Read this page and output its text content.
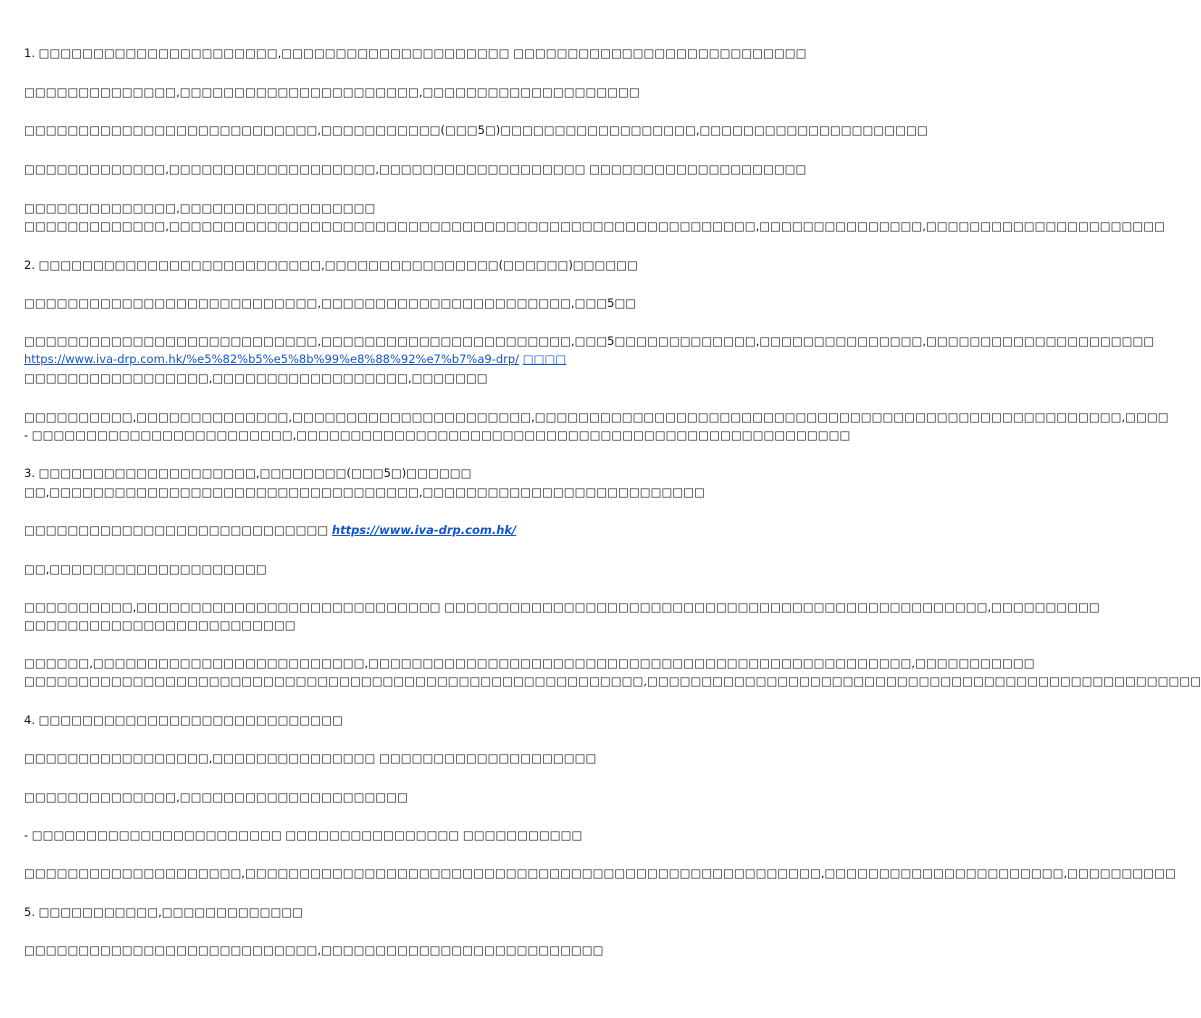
1. □□□□□□□□□□□□□□□□□□□□□□,□□□□□□□□□□□□□□□□□□□□□ □□□□□□□□□□□□□□□□□□□□□□□□□□□
□□□□□□□□□□□□□□,□□□□□□□□□□□□□□□□□□□□□□,□□□□□□□□□□□□□□□□□□□□
□□□□□□□□□□□□□□□□□□□□□□□□□□□,□□□□□□□□□□□(□□□5□)□□□□□□□□□□□□□□□□□□,□□□□□□□□□□□□□□□□□□□□□
□□□□□□□□□□□□□,□□□□□□□□□□□□□□□□□□□,□□□□□□□□□□□□□□□□□□□ □□□□□□□□□□□□□□□□□□□□
□□□□□□□□□□□□□□,□□□□□□□□□□□□□□□□□□
□□□□□□□□□□□□□,□□□□□□□□□□□□□□□□□□□□□□□□□□□□□□□□□□□□□□□□□□□□□□□□□□□□□□,□□□□□□□□□□□□□□□,□□□□□□□□□□□□□□□□□□□□□□
2. □□□□□□□□□□□□□□□□□□□□□□□□□□,□□□□□□□□□□□□□□□□(□□□□□□)□□□□□□
□□□□□□□□□□□□□□□□□□□□□□□□□□□,□□□□□□□□□□□□□□□□□□□□□□□,□□□5□□
□□□□□□□□□□□□□□□□□□□□□□□□□□□,□□□□□□□□□□□□□□□□□□□□□□□,□□□5□□□□□□□□□□□□□,□□□□□□□□□□□□□□□,□□□□□□□□□□□□□□□□□□□□□
https://www.iva-drp.com.hk/%e5%82%b5%e5%8b%99%e8%88%92%e7%b7%a9-drp/ □□□□
□□□□□□□□□□□□□□□□□,□□□□□□□□□□□□□□□□□□,□□□□□□□
□□□□□□□□□□,□□□□□□□□□□□□□□,□□□□□□□□□□□□□□□□□□□□□□,□□□□□□□□□□□□□□□□□□□□□□□□□□□□□□□□□□□□□□□□□□□□□□□□□□□□□□,□□□□
- □□□□□□□□□□□□□□□□□□□□□□□□,□□□□□□□□□□□□□□□□□□□□□□□□□□□□□□□□□□□□□□□□□□□□□□□□□□□
3. □□□□□□□□□□□□□□□□□□□□,□□□□□□□□(□□□5□)□□□□□□
□□,□□□□□□□□□□□□□□□□□□□□□□□□□□□□□□□□□□,□□□□□□□□□□□□□□□□□□□□□□□□□□
□□□□□□□□□□□□□□□□□□□□□□□□□□□□ https://www.iva-drp.com.hk/
□□,□□□□□□□□□□□□□□□□□□□□
□□□□□□□□□□,□□□□□□□□□□□□□□□□□□□□□□□□□□□□ □□□□□□□□□□□□□□□□□□□□□□□□□□□□□□□□□□□□□□□□□□□□□□□□□□,□□□□□□□□□□
□□□□□□□□□□□□□□□□□□□□□□□□□
□□□□□□,□□□□□□□□□□□□□□□□□□□□□□□□□,□□□□□□□□□□□□□□□□□□□□□□□□□□□□□□□□□□□□□□□□□□□□□□□□□□,□□□□□□□□□□□
□□□□□□□□□□□□□□□□□□□□□□□□□□□□□□□□□□□□□□□□□□□□□□□□□□□□□□□□□,□□□□□□□□□□□□□□□□□□□□□□□□□□□□□□□□□□□□□□□□□□□□□□□□□□□
4. □□□□□□□□□□□□□□□□□□□□□□□□□□□□
□□□□□□□□□□□□□□□□□,□□□□□□□□□□□□□□□ □□□□□□□□□□□□□□□□□□□□
□□□□□□□□□□□□□□,□□□□□□□□□□□□□□□□□□□□□
- □□□□□□□□□□□□□□□□□□□□□□□ □□□□□□□□□□□□□□□□ □□□□□□□□□□□
□□□□□□□□□□□□□□□□□□□□,□□□□□□□□□□□□□□□□□□□□□□□□□□□□□□□□□□□□□□□□□□□□□□□□□□□□□,□□□□□□□□□□□□□□□□□□□□□□,□□□□□□□□□□
5. □□□□□□□□□□□,□□□□□□□□□□□□□
□□□□□□□□□□□□□□□□□□□□□□□□□□□,□□□□□□□□□□□□□□□□□□□□□□□□□□
